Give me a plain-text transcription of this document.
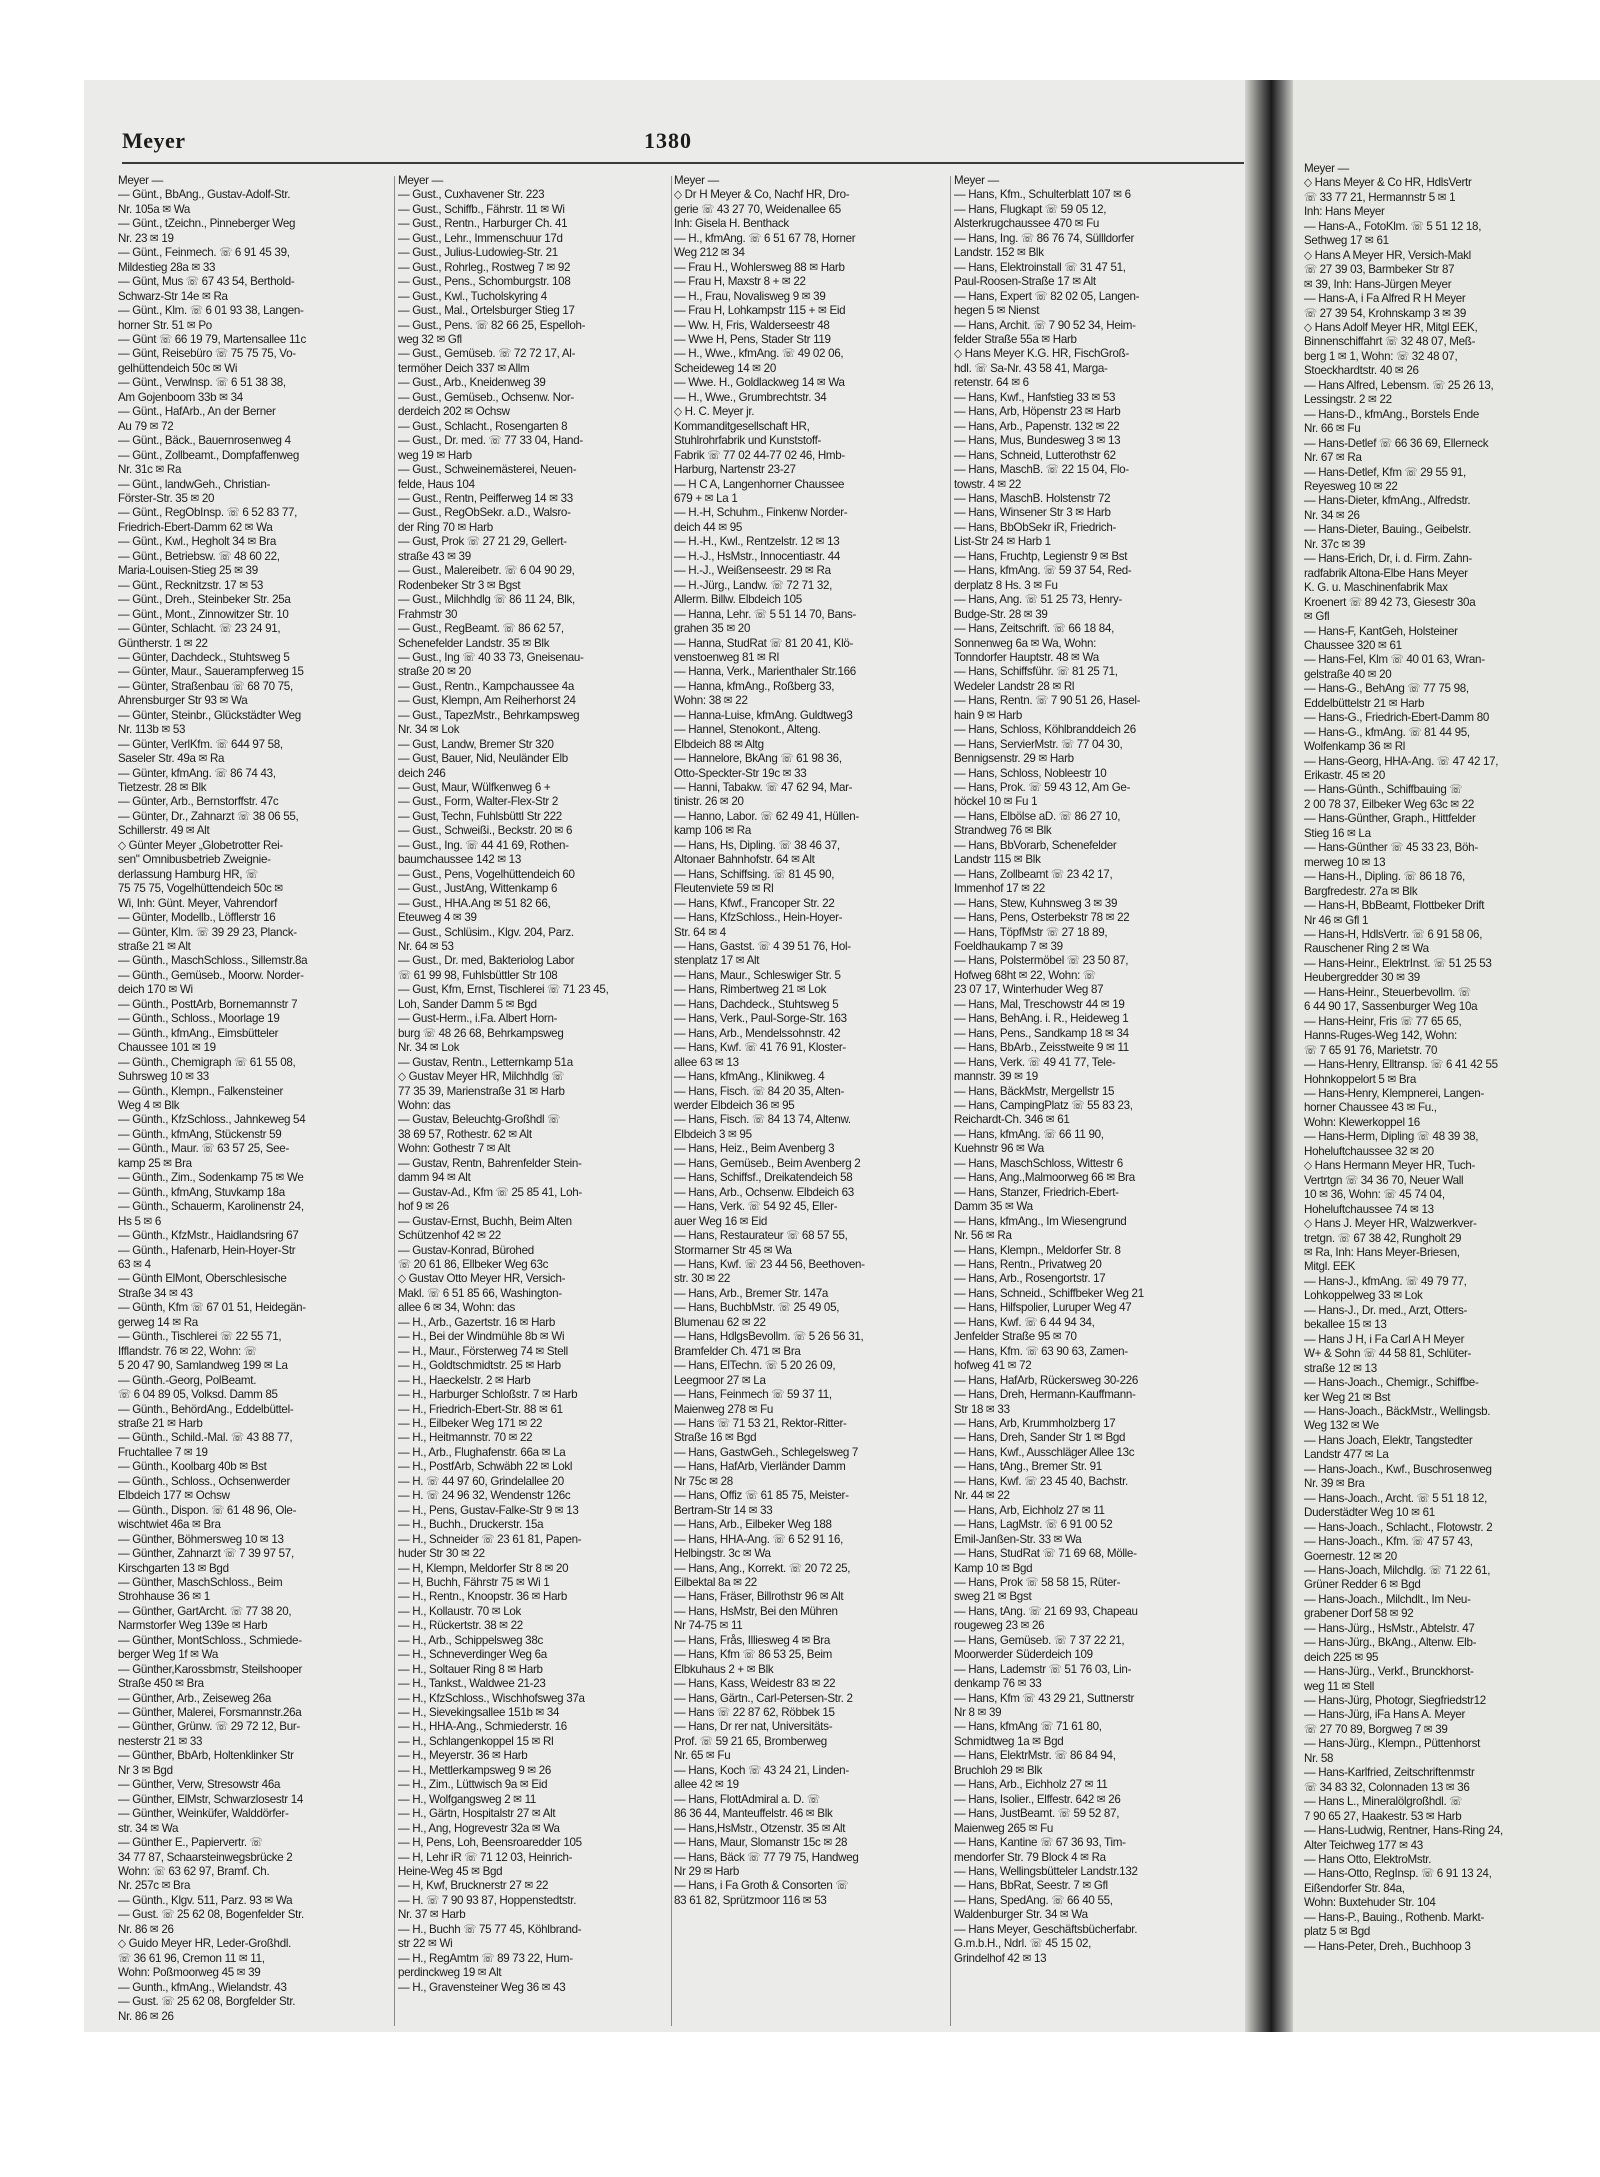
Meyer	1380
Meyer —
— Günt., BbAng., Gustav-Adolf-Str.
Nr. 105a ✉ Wa
— Günt., tZeichn., Pinneberger Weg
Nr. 23 ✉ 19
— Günt., Feinmech. ☏ 6 91 45 39,
Mildestieg 28a ✉ 33
— Günt, Mus ☏ 67 43 54, Berthold-
Schwarz-Str 14e ✉ Ra
— Günt., Klm. ☏ 6 01 93 38, Langen-
horner Str. 51 ✉ Po
— Günt ☏ 66 19 79, Martensallee 11c
— Günt, Reisebüro ☏ 75 75 75, Vo-
gelhüttendeich 50c ✉ Wi
— Günt., Verwlnsp. ☏ 6 51 38 38,
Am Gojenboom 33b ✉ 34
— Günt., HafArb., An der Berner
Au 79 ✉ 72
— Günt., Bäck., Bauernrosenweg 4
— Günt., Zollbeamt., Dompfaffenweg
Nr. 31c ✉ Ra
— Günt., landwGeh., Christian-
Förster-Str. 35 ✉ 20
— Günt., RegObInsp. ☏ 6 52 83 77,
Friedrich-Ebert-Damm 62 ✉ Wa
— Günt., Kwl., Hegholt 34 ✉ Bra
— Günt., Betriebsw. ☏ 48 60 22,
Maria-Louisen-Stieg 25 ✉ 39
— Günt., Recknitzstr. 17 ✉ 53
— Günt., Dreh., Steinbeker Str. 25a
— Günt., Mont., Zinnowitzer Str. 10
— Günter, Schlacht. ☏ 23 24 91,
Güntherstr. 1 ✉ 22
— Günter, Dachdeck., Stuhtsweg 5
— Günter, Maur., Sauerampferweg 15
— Günter, Straßenbau ☏ 68 70 75,
Ahrensburger Str 93 ✉ Wa
— Günter, Steinbr., Glückstädter Weg
Nr. 113b ✉ 53
— Günter, VerlKfm. ☏ 644 97 58,
Saseler Str. 49a ✉ Ra
— Günter, kfmAng. ☏ 86 74 43,
Tietzestr. 28 ✉ Blk
— Günter, Arb., Bernstorffstr. 47c
— Günter, Dr., Zahnarzt ☏ 38 06 55,
Schillerstr. 49 ✉ Alt
◇ Günter Meyer „Globetrotter Rei-
sen" Omnibusbetrieb Zweignie-
derlassung Hamburg HR, ☏
75 75 75, Vogelhüttendeich 50c ✉
Wi, Inh: Günt. Meyer, Vahrendorf
— Günter, Modellb., Löfflerstr 16
— Günter, Klm. ☏ 39 29 23, Planck-
straße 21 ✉ Alt
— Günth., MaschSchloss., Sillemstr.8a
— Günth., Gemüseb., Moorw. Norder-
deich 170 ✉ Wi
— Günth., PosttArb, Bornemannstr 7
— Günth., Schloss., Moorlage 19
— Günth., kfmAng., Eimsbütteler
Chaussee 101 ✉ 19
— Günth., Chemigraph ☏ 61 55 08,
Suhrsweg 10 ✉ 33
— Günth., Klempn., Falkensteiner
Weg 4 ✉ Blk
— Günth., KfzSchloss., Jahnkeweg 54
— Günth., kfmAng, Stückenstr 59
— Günth., Maur. ☏ 63 57 25, See-
kamp 25 ✉ Bra
— Günth., Zim., Sodenkamp 75 ✉ We
— Günth., kfmAng, Stuvkamp 18a
— Günth., Schauerm, Karolinenstr 24,
Hs 5 ✉ 6
— Günth., KfzMstr., Haidlandsring 67
— Günth., Hafenarb, Hein-Hoyer-Str
63 ✉ 4
— Günth ElMont, Oberschlesische
Straße 34 ✉ 43
— Günth, Kfm ☏ 67 01 51, Heidegän-
gerweg 14 ✉ Ra
— Günth., Tischlerei ☏ 22 55 71,
Ifflandstr. 76 ✉ 22, Wohn: ☏
5 20 47 90, Samlandweg 199 ✉ La
— Günth.-Georg, PolBeamt.
☏ 6 04 89 05, Volksd. Damm 85
— Günth., BehördAng., Eddelbüttel-
straße 21 ✉ Harb
— Günth., Schild.-Mal. ☏ 43 88 77,
Fruchtallee 7 ✉ 19
— Günth., Koolbarg 40b ✉ Bst
— Günth., Schloss., Ochsenwerder
Elbdeich 177 ✉ Ochsw
— Günth., Dispon. ☏ 61 48 96, Ole-
wischtwiet 46a ✉ Bra
— Günther, Böhmersweg 10 ✉ 13
— Günther, Zahnarzt ☏ 7 39 97 57,
Kirschgarten 13 ✉ Bgd
— Günther, MaschSchloss., Beim
Strohhause 36 ✉ 1
— Günther, GartArcht. ☏ 77 38 20,
Narmstorfer Weg 139e ✉ Harb
— Günther, MontSchloss., Schmiede-
berger Weg 1f ✉ Wa
— Günther,Karossbmstr, Steilshooper
Straße 450 ✉ Bra
— Günther, Arb., Zeiseweg 26a
— Günther, Malerei, Forsmannstr.26a
— Günther, Grünw. ☏ 29 72 12, Bur-
nesterstr 21 ✉ 33
— Günther, BbArb, Holtenklinker Str
Nr 3 ✉ Bgd
— Günther, Verw, Stresowstr 46a
— Günther, ElMstr, Schwarzlosestr 14
— Günther, Weinküfer, Walddörfer-
str. 34 ✉ Wa
— Günther E., Papiervertr. ☏
34 77 87, Schaarsteinwegsbrücke 2
Wohn: ☏ 63 62 97, Bramf. Ch.
Nr. 257c ✉ Bra
— Günth., Klgv. 511, Parz. 93 ✉ Wa
— Gust. ☏ 25 62 08, Bogenfelder Str.
Nr. 86 ✉ 26
◇ Guido Meyer HR, Leder-Großhdl.
☏ 36 61 96, Cremon 11 ✉ 11,
Wohn: Poßmoorweg 45 ✉ 39
— Gunth., kfmAng., Wielandstr. 43
— Gust. ☏ 25 62 08, Borgfelder Str.
Nr. 86 ✉ 26
Meyer —
— Gust., Cuxhavener Str. 223
— Gust., Schiffb., Fährstr. 11 ✉ Wi
— Gust., Rentn., Harburger Ch. 41
— Gust., Lehr., Immenschuur 17d
— Gust., Julius-Ludowieg-Str. 21
— Gust., Rohrleg., Rostweg 7 ✉ 92
— Gust., Pens., Schomburgstr. 108
— Gust., Kwl., Tucholskyring 4
— Gust., Mal., Ortelsburger Stieg 17
— Gust., Pens. ☏ 82 66 25, Espelloh-
weg 32 ✉ Gfl
— Gust., Gemüseb. ☏ 72 72 17, Al-
termöher Deich 337 ✉ Allm
— Gust., Arb., Kneidenweg 39
— Gust., Gemüseb., Ochsenw. Nor-
derdeich 202 ✉ Ochsw
— Gust., Schlacht., Rosengarten 8
— Gust., Dr. med. ☏ 77 33 04, Hand-
weg 19 ✉ Harb
— Gust., Schweinemästerei, Neuen-
felde, Haus 104
— Gust., Rentn, Peifferweg 14 ✉ 33
— Gust., RegObSekr. a.D., Walsro-
der Ring 70 ✉ Harb
— Gust, Prok ☏ 27 21 29, Gellert-
straße 43 ✉ 39
— Gust., Malereibetr. ☏ 6 04 90 29,
Rodenbeker Str 3 ✉ Bgst
— Gust., Milchhdlg ☏ 86 11 24, Blk,
Frahmstr 30
— Gust., RegBeamt. ☏ 86 62 57,
Schenefelder Landstr. 35 ✉ Blk
— Gust., Ing ☏ 40 33 73, Gneisenau-
straße 20 ✉ 20
— Gust., Rentn., Kampchaussee 4a
— Gust, Klempn, Am Reiherhorst 24
— Gust., TapezMstr., Behrkampsweg
Nr. 34 ✉ Lok
— Gust, Landw, Bremer Str 320
— Gust, Bauer, Nid, Neuländer Elb
deich 246
— Gust, Maur, Wülfkenweg 6 +
— Gust., Form, Walter-Flex-Str 2
— Gust, Techn, Fuhlsbüttl Str 222
— Gust., Schweißi., Beckstr. 20 ✉ 6
— Gust., Ing. ☏ 44 41 69, Rothen-
baumchaussee 142 ✉ 13
— Gust., Pens, Vogelhüttendeich 60
— Gust., JustAng, Wittenkamp 6
— Gust., HHA.Ang ✉ 51 82 66,
Eteuweg 4 ✉ 39
— Gust., Schlüsim., Klgv. 204, Parz.
Nr. 64 ✉ 53
— Gust., Dr. med, Bakteriolog Labor
☏ 61 99 98, Fuhlsbüttler Str 108
— Gust, Kfm, Ernst, Tischlerei ☏ 71 23 45,
Loh, Sander Damm 5 ✉ Bgd
— Gust-Herm., i.Fa. Albert Horn-
burg ☏ 48 26 68, Behrkampsweg
Nr. 34 ✉ Lok
— Gustav, Rentn., Letternkamp 51a
◇ Gustav Meyer HR, Milchhdlg ☏
77 35 39, Marienstraße 31 ✉ Harb
Wohn: das
— Gustav, Beleuchtg-Großhdl ☏
38 69 57, Rothestr. 62 ✉ Alt
Wohn: Gothestr 7 ✉ Alt
— Gustav, Rentn, Bahrenfelder Stein-
damm 94 ✉ Alt
— Gustav-Ad., Kfm ☏ 25 85 41, Loh-
hof 9 ✉ 26
— Gustav-Ernst, Buchh, Beim Alten
Schützenhof 42 ✉ 22
— Gustav-Konrad, Bürohed
☏ 20 61 86, Ellbeker Weg 63c
◇ Gustav Otto Meyer HR, Versich-
Makl. ☏ 6 51 85 66, Washington-
allee 6 ✉ 34, Wohn: das
— H., Arb., Gazertstr. 16 ✉ Harb
— H., Bei der Windmühle 8b ✉ Wi
— H., Maur., Försterweg 74 ✉ Stell
— H., Goldtschmidtstr. 25 ✉ Harb
— H., Haeckelstr. 2 ✉ Harb
— H., Harburger Schloßstr. 7 ✉ Harb
— H., Friedrich-Ebert-Str. 88 ✉ 61
— H., Eilbeker Weg 171 ✉ 22
— H., Heitmannstr. 70 ✉ 22
— H., Arb., Flughafenstr. 66a ✉ La
— H., PostfArb, Schwäbh 22 ✉ Lokl
— H. ☏ 44 97 60, Grindelallee 20
— H. ☏ 24 96 32, Wendenstr 126c
— H., Pens, Gustav-Falke-Str 9 ✉ 13
— H., Buchh., Druckerstr. 15a
— H., Schneider ☏ 23 61 81, Papen-
huder Str 30 ✉ 22
— H, Klempn, Meldorfer Str 8 ✉ 20
— H, Buchh, Fährstr 75 ✉ Wi 1
— H., Rentn., Knoopstr. 36 ✉ Harb
— H., Kollaustr. 70 ✉ Lok
— H., Rückertstr. 38 ✉ 22
— H., Arb., Schippelsweg 38c
— H., Schneverdinger Weg 6a
— H., Soltauer Ring 8 ✉ Harb
— H., Tankst., Waldwee 21-23
— H., KfzSchloss., Wischhofsweg 37a
— H., Sievekingsallee 151b ✉ 34
— H., HHA-Ang., Schmiederstr. 16
— H., Schlangenkoppel 15 ✉ Rl
— H., Meyerstr. 36 ✉ Harb
— H., Mettlerkampsweg 9 ✉ 26
— H., Zim., Lüttwisch 9a ✉ Eid
— H., Wolfgangsweg 2 ✉ 11
— H., Gärtn, Hospitalstr 27 ✉ Alt
— H., Ang, Hogrevestr 32a ✉ Wa
— H, Pens, Loh, Beensroaredder 105
— H, Lehr iR ☏ 71 12 03, Heinrich-
Heine-Weg 45 ✉ Bgd
— H, Kwf, Brucknerstr 27 ✉ 22
— H. ☏ 7 90 93 87, Hoppenstedtstr.
Nr. 37 ✉ Harb
— H., Buchh ☏ 75 77 45, Köhlbrand-
str 22 ✉ Wi
— H., RegAmtm ☏ 89 73 22, Hum-
perdinckweg 19 ✉ Alt
— H., Gravensteiner Weg 36 ✉ 43
Meyer —
◇ Dr H Meyer & Co, Nachf HR, Dro-
gerie ☏ 43 27 70, Weidenallee 65
Inh: Gisela H. Benthack
— H., kfmAng. ☏ 6 51 67 78, Horner
Weg 212 ✉ 34
— Frau H., Wohlersweg 88 ✉ Harb
— Frau H, Maxstr 8 + ✉ 22
— H., Frau, Novalisweg 9 ✉ 39
— Frau H, Lohkampstr 115 + ✉ Eid
— Ww. H, Fris, Walderseestr 48
— Wwe H, Pens, Stader Str 119
— H., Wwe., kfmAng. ☏ 49 02 06,
Scheideweg 14 ✉ 20
— Wwe. H., Goldlackweg 14 ✉ Wa
— H., Wwe., Grumbrechtstr. 34
◇ H. C. Meyer jr.
Kommanditgesellschaft HR,
Stuhlrohrfabrik und Kunststoff-
Fabrik ☏ 77 02 44-77 02 46, Hmb-
Harburg, Nartenstr 23-27
— H C A, Langenhorner Chaussee
679 + ✉ La 1
— H.-H, Schuhm., Finkenw Norder-
deich 44 ✉ 95
— H.-H., Kwl., Rentzelstr. 12 ✉ 13
— H.-J., HsMstr., Innocentiastr. 44
— H.-J., Weißenseestr. 29 ✉ Ra
— H.-Jürg., Landw. ☏ 72 71 32,
Allerm. Billw. Elbdeich 105
— Hanna, Lehr. ☏ 5 51 14 70, Bans-
grahen 35 ✉ 20
— Hanna, StudRat ☏ 81 20 41, Klö-
venstoenweg 81 ✉ Rl
— Hanna, Verk., Marienthaler Str.166
— Hanna, kfmAng., Roßberg 33,
Wohn: 38 ✉ 22
— Hanna-Luise, kfmAng. Guldtweg3
— Hannel, Stenokont., Alteng.
Elbdeich 88 ✉ Altg
— Hannelore, BkAng ☏ 61 98 36,
Otto-Speckter-Str 19c ✉ 33
— Hanni, Tabakw. ☏ 47 62 94, Mar-
tinistr. 26 ✉ 20
— Hanno, Labor. ☏ 62 49 41, Hüllen-
kamp 106 ✉ Ra
— Hans, Hs, Dipling. ☏ 38 46 37,
Altonaer Bahnhofstr. 64 ✉ Alt
— Hans, Schiffsing. ☏ 81 45 90,
Fleutenviete 59 ✉ Rl
— Hans, Kfwf., Francoper Str. 22
— Hans, KfzSchloss., Hein-Hoyer-
Str. 64 ✉ 4
— Hans, Gastst. ☏ 4 39 51 76, Hol-
stenplatz 17 ✉ Alt
— Hans, Maur., Schleswiger Str. 5
— Hans, Rimbertweg 21 ✉ Lok
— Hans, Dachdeck., Stuhtsweg 5
— Hans, Verk., Paul-Sorge-Str. 163
— Hans, Arb., Mendelssohnstr. 42
— Hans, Kwf. ☏ 41 76 91, Kloster-
allee 63 ✉ 13
— Hans, kfmAng., Klinikweg. 4
— Hans, Fisch. ☏ 84 20 35, Alten-
werder Elbdeich 36 ✉ 95
— Hans, Fisch. ☏ 84 13 74, Altenw.
Elbdeich 3 ✉ 95
— Hans, Heiz., Beim Avenberg 3
— Hans, Gemüseb., Beim Avenberg 2
— Hans, Schiffsf., Dreikatendeich 58
— Hans, Arb., Ochsenw. Elbdeich 63
— Hans, Verk. ☏ 54 92 45, Eller-
auer Weg 16 ✉ Eid
— Hans, Restaurateur ☏ 68 57 55,
Stormarner Str 45 ✉ Wa
— Hans, Kwf. ☏ 23 44 56, Beethoven-
str. 30 ✉ 22
— Hans, Arb., Bremer Str. 147a
— Hans, BuchbMstr. ☏ 25 49 05,
Blumenau 62 ✉ 22
— Hans, HdlgsBevollm. ☏ 5 26 56 31,
Bramfelder Ch. 471 ✉ Bra
— Hans, ElTechn. ☏ 5 20 26 09,
Leegmoor 27 ✉ La
— Hans, Feinmech ☏ 59 37 11,
Maienweg 278 ✉ Fu
— Hans ☏ 71 53 21, Rektor-Ritter-
Straße 16 ✉ Bgd
— Hans, GastwGeh., Schlegelsweg 7
— Hans, HafArb, Vierländer Damm
Nr 75c ✉ 28
— Hans, Offiz ☏ 61 85 75, Meister-
Bertram-Str 14 ✉ 33
— Hans, Arb., Eilbeker Weg 188
— Hans, HHA-Ang. ☏ 6 52 91 16,
Helbingstr. 3c ✉ Wa
— Hans, Ang., Korrekt. ☏ 20 72 25,
Eilbektal 8a ✉ 22
— Hans, Fräser, Billrothstr 96 ✉ Alt
— Hans, HsMstr, Bei den Mühren
Nr 74-75 ✉ 11
— Hans, Frås, Illiesweg 4 ✉ Bra
— Hans, Kfm ☏ 86 53 25, Beim
Elbkuhaus 2 + ✉ Blk
— Hans, Kass, Weidestr 83 ✉ 22
— Hans, Gärtn., Carl-Petersen-Str. 2
— Hans ☏ 22 87 62, Röbbek 15
— Hans, Dr rer nat, Universitäts-
Prof. ☏ 59 21 65, Bromberweg
Nr. 65 ✉ Fu
— Hans, Koch ☏ 43 24 21, Linden-
allee 42 ✉ 19
— Hans, FlottAdmiral a. D. ☏
86 36 44, Manteuffelstr. 46 ✉ Blk
— Hans,HsMstr., Otzenstr. 35 ✉ Alt
— Hans, Maur, Slomanstr 15c ✉ 28
— Hans, Bäck ☏ 77 79 75, Handweg
Nr 29 ✉ Harb
— Hans, i Fa Groth & Consorten ☏
83 61 82, Sprützmoor 116 ✉ 53
Meyer —
— Hans, Kfm., Schulterblatt 107 ✉ 6
— Hans, Flugkapt ☏ 59 05 12,
Alsterkrugchaussee 470 ✉ Fu
— Hans, Ing. ☏ 86 76 74, Süllldorfer
Landstr. 152 ✉ Blk
— Hans, Elektroinstall ☏ 31 47 51,
Paul-Roosen-Straße 17 ✉ Alt
— Hans, Expert ☏ 82 02 05, Langen-
hegen 5 ✉ Nienst
— Hans, Archit. ☏ 7 90 52 34, Heim-
felder Straße 55a ✉ Harb
◇ Hans Meyer K.G. HR, FischGroß-
hdl. ☏ Sa-Nr. 43 58 41, Marga-
retenstr. 64 ✉ 6
— Hans, Kwf., Hanfstieg 33 ✉ 53
— Hans, Arb, Höpenstr 23 ✉ Harb
— Hans, Arb., Papenstr. 132 ✉ 22
— Hans, Mus, Bundesweg 3 ✉ 13
— Hans, Schneid, Lutterothstr 62
— Hans, MaschB. ☏ 22 15 04, Flo-
towstr. 4 ✉ 22
— Hans, MaschB. Holstenstr 72
— Hans, Winsener Str 3 ✉ Harb
— Hans, BbObSekr iR, Friedrich-
List-Str 24 ✉ Harb 1
— Hans, Fruchtp, Legienstr 9 ✉ Bst
— Hans, kfmAng. ☏ 59 37 54, Red-
derplatz 8 Hs. 3 ✉ Fu
— Hans, Ang. ☏ 51 25 73, Henry-
Budge-Str. 28 ✉ 39
— Hans, Zeitschrift. ☏ 66 18 84,
Sonnenweg 6a ✉ Wa, Wohn:
Tonndorfer Hauptstr. 48 ✉ Wa
— Hans, Schiffsführ. ☏ 81 25 71,
Wedeler Landstr 28 ✉ Rl
— Hans, Rentn. ☏ 7 90 51 26, Hasel-
hain 9 ✉ Harb
— Hans, Schloss, Köhlbranddeich 26
— Hans, ServierMstr. ☏ 77 04 30,
Bennigsenstr. 29 ✉ Harb
— Hans, Schloss, Nobleestr 10
— Hans, Prok. ☏ 59 43 12, Am Ge-
höckel 10 ✉ Fu 1
— Hans, Elbölse aD. ☏ 86 27 10,
Strandweg 76 ✉ Blk
— Hans, BbVorarb, Schenefelder
Landstr 115 ✉ Blk
— Hans, Zollbeamt ☏ 23 42 17,
Immenhof 17 ✉ 22
— Hans, Stew, Kuhnsweg 3 ✉ 39
— Hans, Pens, Osterbekstr 78 ✉ 22
— Hans, TöpfMstr ☏ 27 18 89,
Foeldhaukamp 7 ✉ 39
— Hans, Polstermöbel ☏ 23 50 87,
Hofweg 68ht ✉ 22, Wohn: ☏
23 07 17, Winterhuder Weg 87
— Hans, Mal, Treschowstr 44 ✉ 19
— Hans, BehAng. i. R., Heideweg 1
— Hans, Pens., Sandkamp 18 ✉ 34
— Hans, BbArb., Zeisstweite 9 ✉ 11
— Hans, Verk. ☏ 49 41 77, Tele-
mannstr. 39 ✉ 19
— Hans, BäckMstr, Mergellstr 15
— Hans, CampingPlatz ☏ 55 83 23,
Reichardt-Ch. 346 ✉ 61
— Hans, kfmAng. ☏ 66 11 90,
Kuehnstr 96 ✉ Wa
— Hans, MaschSchloss, Wittestr 6
— Hans, Ang.,Malmoorweg 66 ✉ Bra
— Hans, Stanzer, Friedrich-Ebert-
Damm 35 ✉ Wa
— Hans, kfmAng., Im Wiesengrund
Nr. 56 ✉ Ra
— Hans, Klempn., Meldorfer Str. 8
— Hans, Rentn., Privatweg 20
— Hans, Arb., Rosengortstr. 17
— Hans, Schneid., Schiffbeker Weg 21
— Hans, Hilfspolier, Luruper Weg 47
— Hans, Kwf. ☏ 6 44 94 34,
Jenfelder Straße 95 ✉ 70
— Hans, Kfm. ☏ 63 90 63, Zamen-
hofweg 41 ✉ 72
— Hans, HafArb, Rückersweg 30-226
— Hans, Dreh, Hermann-Kauffmann-
Str 18 ✉ 33
— Hans, Arb, Krummholzberg 17
— Hans, Dreh, Sander Str 1 ✉ Bgd
— Hans, Kwf., Ausschläger Allee 13c
— Hans, tAng., Bremer Str. 91
— Hans, Kwf. ☏ 23 45 40, Bachstr.
Nr. 44 ✉ 22
— Hans, Arb, Eichholz 27 ✉ 11
— Hans, LagMstr. ☏ 6 91 00 52
Emil-Janßen-Str. 33 ✉ Wa
— Hans, StudRat ☏ 71 69 68, Mölle-
Kamp 10 ✉ Bgd
— Hans, Prok ☏ 58 58 15, Rüter-
sweg 21 ✉ Bgst
— Hans, tAng. ☏ 21 69 93, Chapeau
rougeweg 23 ✉ 26
— Hans, Gemüseb. ☏ 7 37 22 21,
Moorwerder Süderdeich 109
— Hans, Lademstr ☏ 51 76 03, Lin-
denkamp 76 ✉ 33
— Hans, Kfm ☏ 43 29 21, Suttnerstr
Nr 8 ✉ 39
— Hans, kfmAng ☏ 71 61 80,
Schmidtweg 1a ✉ Bgd
— Hans, ElektrMstr. ☏ 86 84 94,
Bruchloh 29 ✉ Blk
— Hans, Arb., Eichholz 27 ✉ 11
— Hans, Isolier., Elffestr. 642 ✉ 26
— Hans, JustBeamt. ☏ 59 52 87,
Maienweg 265 ✉ Fu
— Hans, Kantine ☏ 67 36 93, Tim-
mendorfer Str. 79 Block 4 ✉ Ra
— Hans, Wellingsbütteler Landstr.132
— Hans, BbRat, Seestr. 7 ✉ Gfl
— Hans, SpedAng. ☏ 66 40 55,
Waldenburger Str. 34 ✉ Wa
— Hans Meyer, Geschäftsbücherfabr.
G.m.b.H., Ndrl. ☏ 45 15 02,
Grindelhof 42 ✉ 13
Meyer —
◇ Hans Meyer & Co HR, HdlsVertr
☏ 33 77 21, Hermannstr 5 ✉ 1
Inh: Hans Meyer
— Hans-A., FotoKlm. ☏ 5 51 12 18,
Sethweg 17 ✉ 61
◇ Hans A Meyer HR, Versich-Makl
☏ 27 39 03, Barmbeker Str 87
✉ 39, Inh: Hans-Jürgen Meyer
— Hans-A, i Fa Alfred R H Meyer
☏ 27 39 54, Krohnskamp 3 ✉ 39
◇ Hans Adolf Meyer HR, Mitgl EEK,
Binnenschiffahrt ☏ 32 48 07, Meß-
berg 1 ✉ 1, Wohn: ☏ 32 48 07,
Stoeckhardtstr. 40 ✉ 26
— Hans Alfred, Lebensm. ☏ 25 26 13,
Lessingstr. 2 ✉ 22
— Hans-D., kfmAng., Borstels Ende
Nr. 66 ✉ Fu
— Hans-Detlef ☏ 66 36 69, Ellerneck
Nr. 67 ✉ Ra
— Hans-Detlef, Kfm ☏ 29 55 91,
Reyesweg 10 ✉ 22
— Hans-Dieter, kfmAng., Alfredstr.
Nr. 34 ✉ 26
— Hans-Dieter, Bauing., Geibelstr.
Nr. 37c ✉ 39
— Hans-Erich, Dr, i. d. Firm. Zahn-
radfabrik Altona-Elbe Hans Meyer
K. G. u. Maschinenfabrik Max
Kroenert ☏ 89 42 73, Giesestr 30a
✉ Gfl
— Hans-F, KantGeh, Holsteiner
Chaussee 320 ✉ 61
— Hans-Fel, Klm ☏ 40 01 63, Wran-
gelstraße 40 ✉ 20
— Hans-G., BehAng ☏ 77 75 98,
Eddelbüttelstr 21 ✉ Harb
— Hans-G., Friedrich-Ebert-Damm 80
— Hans-G., kfmAng. ☏ 81 44 95,
Wolfenkamp 36 ✉ Rl
— Hans-Georg, HHA-Ang. ☏ 47 42 17,
Erikastr. 45 ✉ 20
— Hans-Günth., Schiffbauing ☏
2 00 78 37, Eilbeker Weg 63c ✉ 22
— Hans-Günther, Graph., Hittfelder
Stieg 16 ✉ La
— Hans-Günther ☏ 45 33 23, Böh-
merweg 10 ✉ 13
— Hans-H., Dipling. ☏ 86 18 76,
Bargfredestr. 27a ✉ Blk
— Hans-H, BbBeamt, Flottbeker Drift
Nr 46 ✉ Gfl 1
— Hans-H, HdlsVertr. ☏ 6 91 58 06,
Rauschener Ring 2 ✉ Wa
— Hans-Heinr., ElektrInst. ☏ 51 25 53
Heubergredder 30 ✉ 39
— Hans-Heinr., Steuerbevollm. ☏
6 44 90 17, Sassenburger Weg 10a
— Hans-Heinr, Fris ☏ 77 65 65,
Hanns-Ruges-Weg 142, Wohn:
☏ 7 65 91 76, Marietstr. 70
— Hans-Henry, Elltransp. ☏ 6 41 42 55
Hohnkoppelort 5 ✉ Bra
— Hans-Henry, Klempnerei, Langen-
horner Chaussee 43 ✉ Fu.,
Wohn: Klewerkoppel 16
— Hans-Herm, Dipling ☏ 48 39 38,
Hoheluftchaussee 32 ✉ 20
◇ Hans Hermann Meyer HR, Tuch-
Vertrtgn ☏ 34 36 70, Neuer Wall
10 ✉ 36, Wohn: ☏ 45 74 04,
Hoheluftchaussee 74 ✉ 13
◇ Hans J. Meyer HR, Walzwerkver-
tretgn. ☏ 67 38 42, Rungholt 29
✉ Ra, Inh: Hans Meyer-Briesen,
Mitgl. EEK
— Hans-J., kfmAng. ☏ 49 79 77,
Lohkoppelweg 33 ✉ Lok
— Hans-J., Dr. med., Arzt, Otters-
bekallee 15 ✉ 13
— Hans J H, i Fa Carl A H Meyer
W+ & Sohn ☏ 44 58 81, Schlüter-
straße 12 ✉ 13
— Hans-Joach., Chemigr., Schiffbe-
ker Weg 21 ✉ Bst
— Hans-Joach., BäckMstr., Wellingsb.
Weg 132 ✉ We
— Hans Joach, Elektr, Tangstedter
Landstr 477 ✉ La
— Hans-Joach., Kwf., Buschrosenweg
Nr. 39 ✉ Bra
— Hans-Joach., Archt. ☏ 5 51 18 12,
Duderstädter Weg 10 ✉ 61
— Hans-Joach., Schlacht., Flotowstr. 2
— Hans-Joach., Kfm. ☏ 47 57 43,
Goernestr. 12 ✉ 20
— Hans-Joach, Milchdlg. ☏ 71 22 61,
Grüner Redder 6 ✉ Bgd
— Hans-Joach., Milchdlt., Im Neu-
grabener Dorf 58 ✉ 92
— Hans-Jürg., HsMstr., Abtelstr. 47
— Hans-Jürg., BkAng., Altenw. Elb-
deich 225 ✉ 95
— Hans-Jürg., Verkf., Brunckhorst-
weg 11 ✉ Stell
— Hans-Jürg, Photogr, Siegfriedstr12
— Hans-Jürg, iFa Hans A. Meyer
☏ 27 70 89, Borgweg 7 ✉ 39
— Hans-Jürg., Klempn., Püttenhorst
Nr. 58
— Hans-Karlfried, Zeitschriftenmstr
☏ 34 83 32, Colonnaden 13 ✉ 36
— Hans L., Mineralölgroßhdl. ☏
7 90 65 27, Haakestr. 53 ✉ Harb
— Hans-Ludwig, Rentner, Hans-Ring 24,
Alter Teichweg 177 ✉ 43
— Hans Otto, ElektroMstr.
— Hans-Otto, RegInsp. ☏ 6 91 13 24,
Eißendorfer Str. 84a,
Wohn: Buxtehuder Str. 104
— Hans-P., Bauing., Rothenb. Markt-
platz 5 ✉ Bgd
— Hans-Peter, Dreh., Buchhoop 3
